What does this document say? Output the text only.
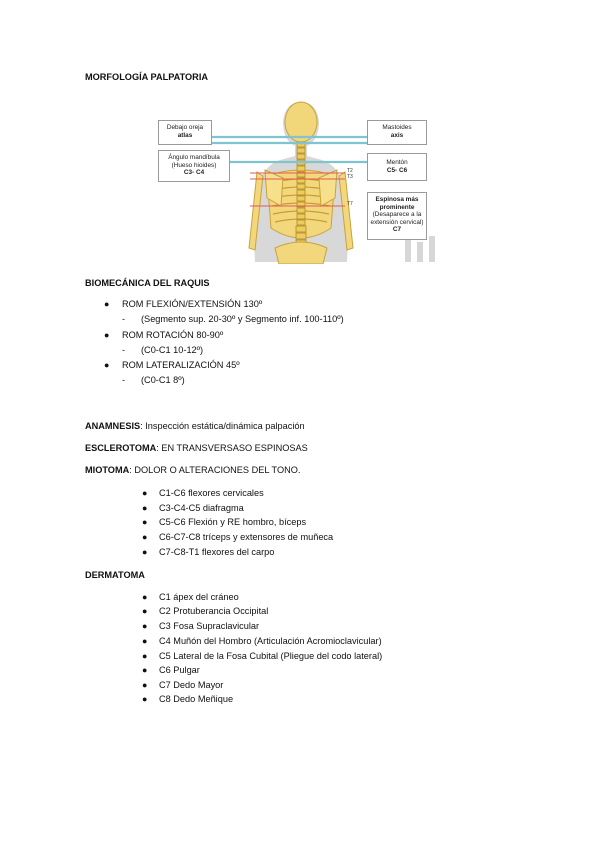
MORFOLOGÍA PALPATORIA
T2
T3
T7
Debajo oreja
atlas
Ángulo mandíbula
(Hueso hioides)
C3- C4
Mastoides
axis
Mentón
C5- C6
Espinosa más
prominente
(Desaparece a la
extensión cervical)
C7
BIOMECÁNICA DEL RAQUIS
● ROM FLEXIÓN/EXTENSIÓN 130º
- (Segmento sup. 20-30º y Segmento inf. 100-110º)
● ROM ROTACIÓN 80-90º
- (C0-C1 10-12º)
● ROM LATERALIZACIÓN 45º
- (C0-C1 8º)
ANAMNESIS: Inspección estática/dinámica palpación
ESCLEROTOMA: EN TRANSVERSASO ESPINOSAS
MIOTOMA: DOLOR O ALTERACIONES DEL TONO.
● C1-C6 flexores cervicales
● C3-C4-C5 diafragma
● C5-C6 Flexión y RE hombro, bíceps
● C6-C7-C8 tríceps y extensores de muñeca
● C7-C8-T1 flexores del carpo
DERMATOMA
● C1 ápex del cráneo
● C2 Protuberancia Occipital
● C3 Fosa Supraclavicular
● C4 Muñón del Hombro (Articulación Acromioclavicular)
● C5 Lateral de la Fosa Cubital (Pliegue del codo lateral)
● C6 Pulgar
● C7 Dedo Mayor
● C8 Dedo Meñique
